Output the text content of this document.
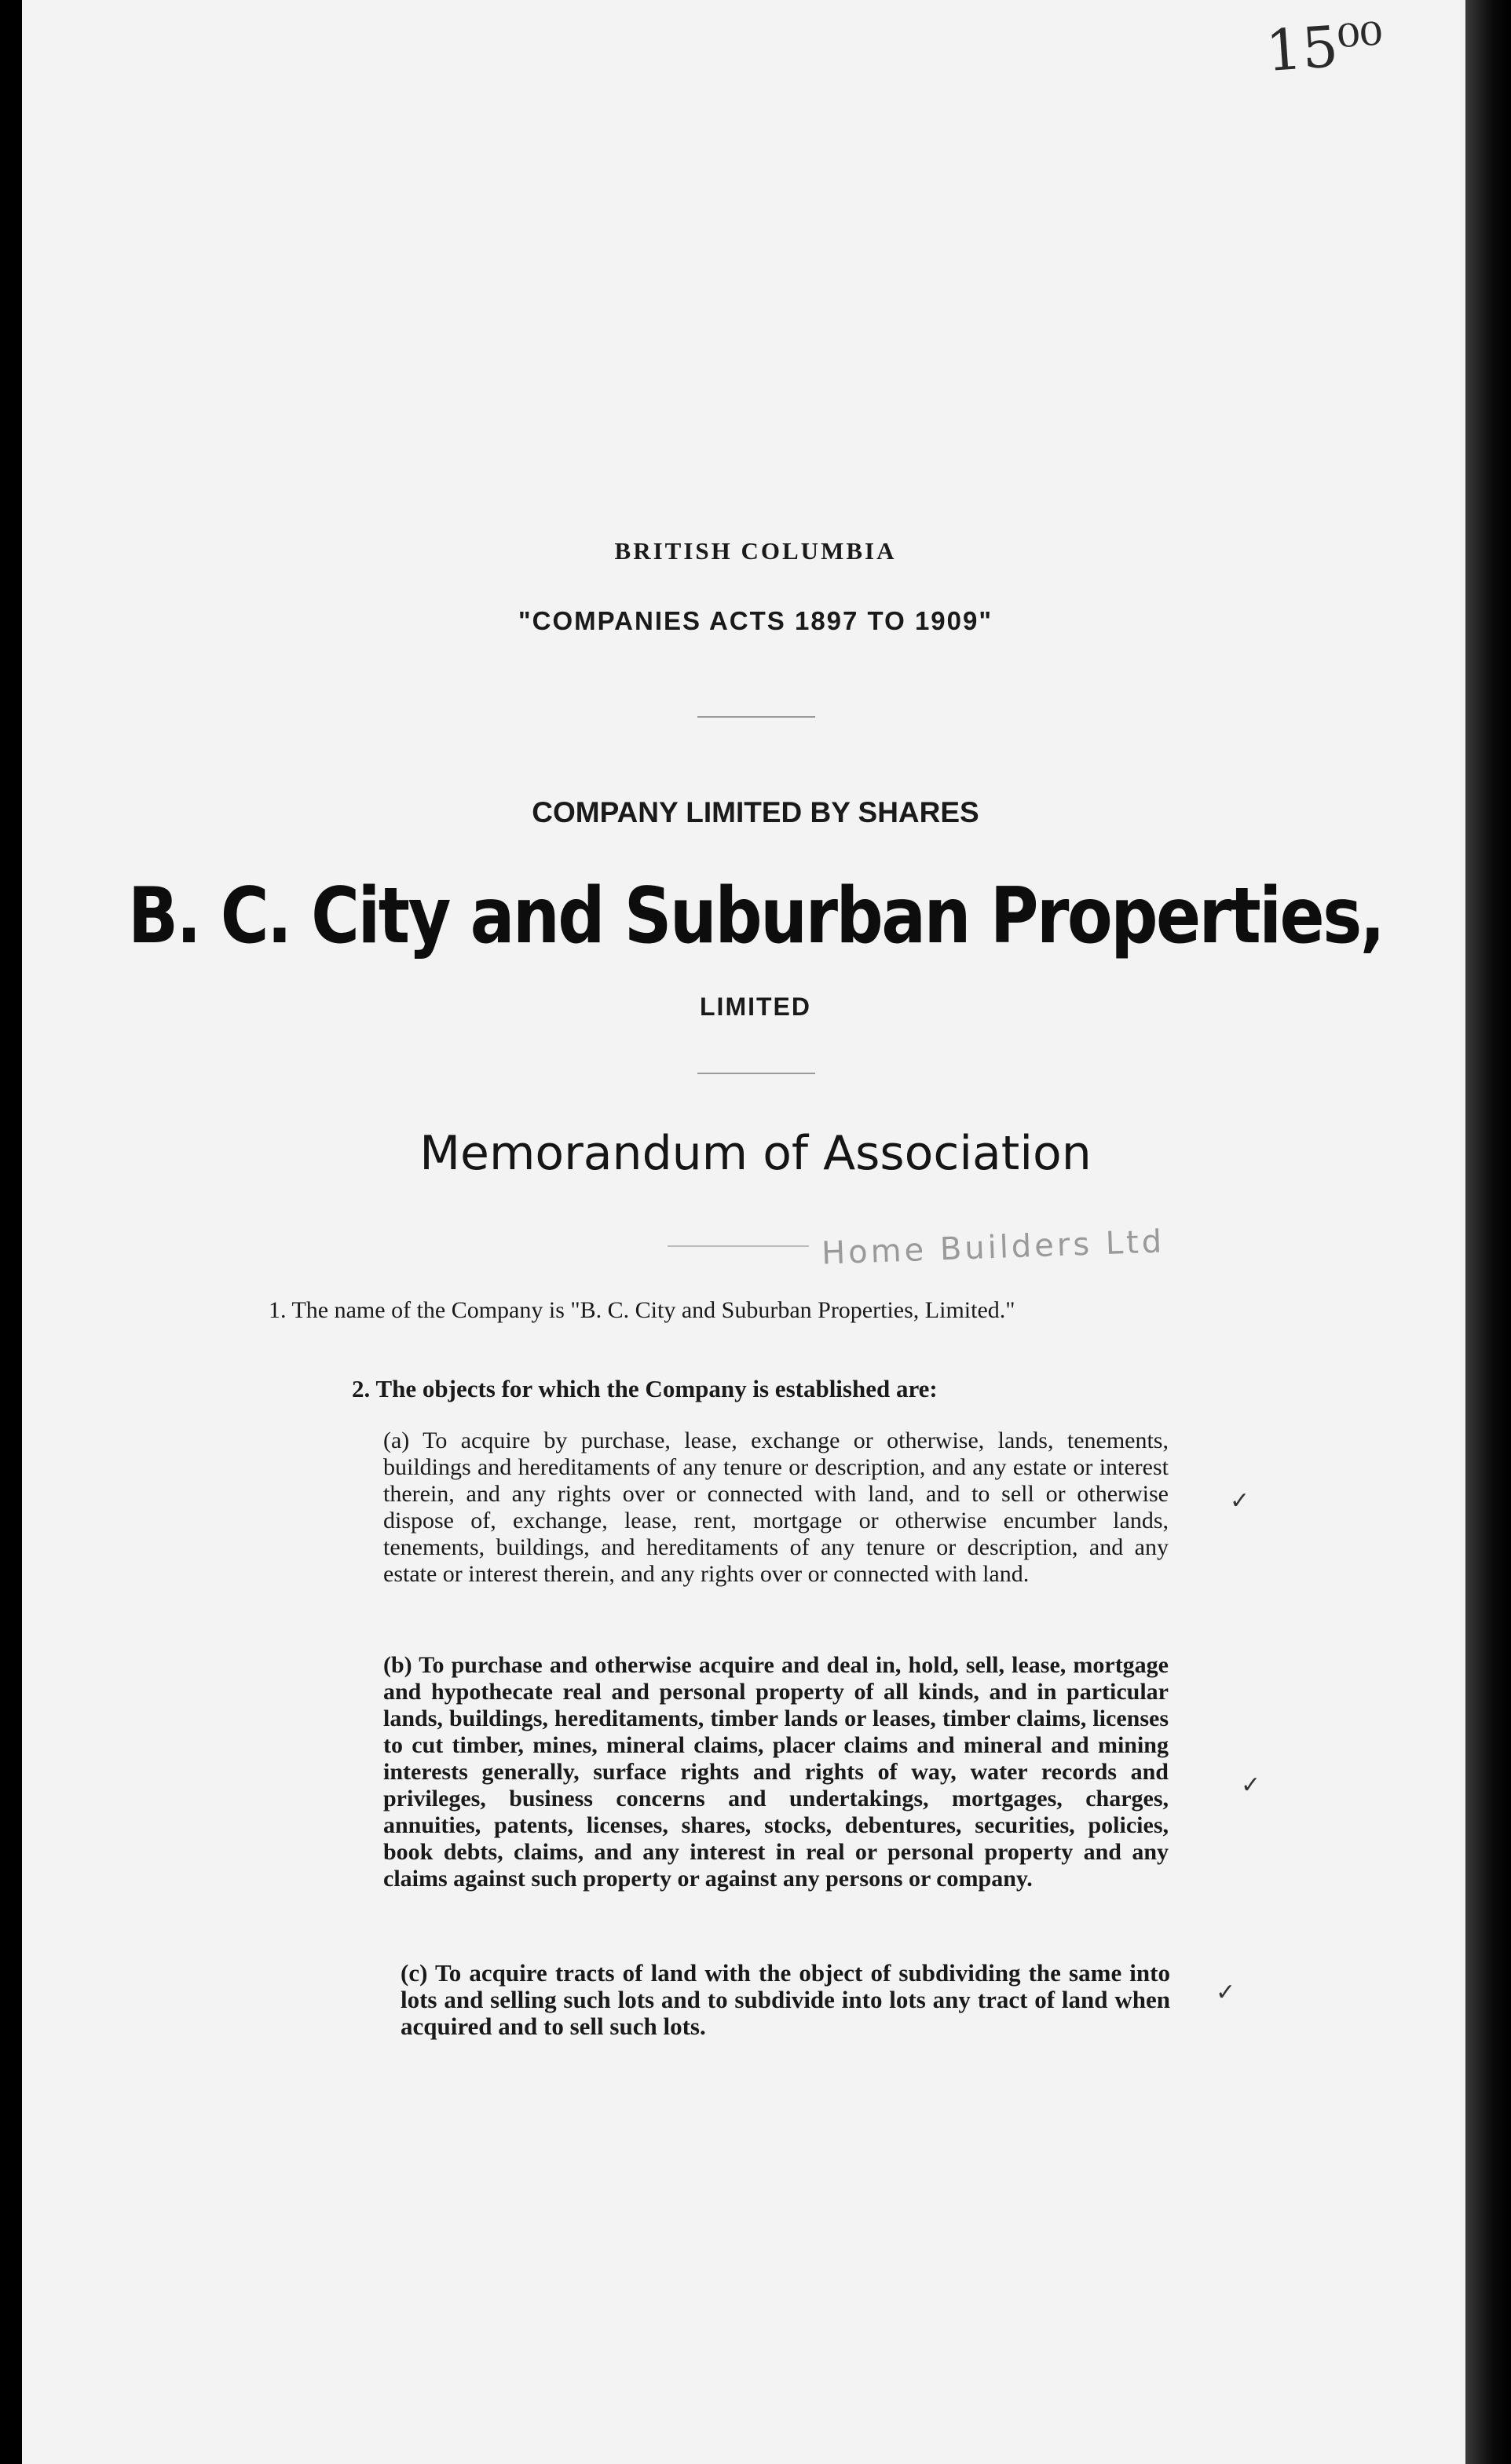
15⁰⁰
BRITISH COLUMBIA
"COMPANIES ACTS 1897 TO 1909"
COMPANY LIMITED BY SHARES
B. C. City and Suburban Properties,
LIMITED
Memorandum of Association
Home Builders Ltd
1. The name of the Company is "B. C. City and Suburban Properties, Limited."
2. The objects for which the Company is established are:
(a) To acquire by purchase, lease, exchange or otherwise, lands, tenements, buildings and hereditaments of any tenure or description, and any estate or interest therein, and any rights over or connected with land, and to sell or otherwise dispose of, exchange, lease, rent, mortgage or otherwise encumber lands, tenements, buildings, and hereditaments of any tenure or description, and any estate or interest therein, and any rights over or connected with land.
(b) To purchase and otherwise acquire and deal in, hold, sell, lease, mortgage and hypothecate real and personal property of all kinds, and in particular lands, buildings, hereditaments, timber lands or leases, timber claims, licenses to cut timber, mines, mineral claims, placer claims and mineral and mining interests generally, surface rights and rights of way, water records and privileges, business concerns and undertakings, mortgages, charges, annuities, patents, licenses, shares, stocks, debentures, securities, policies, book debts, claims, and any interest in real or personal property and any claims against such property or against any persons or company.
(c) To acquire tracts of land with the object of subdividing the same into lots and selling such lots and to subdivide into lots any tract of land when acquired and to sell such lots.
✓
✓
✓
